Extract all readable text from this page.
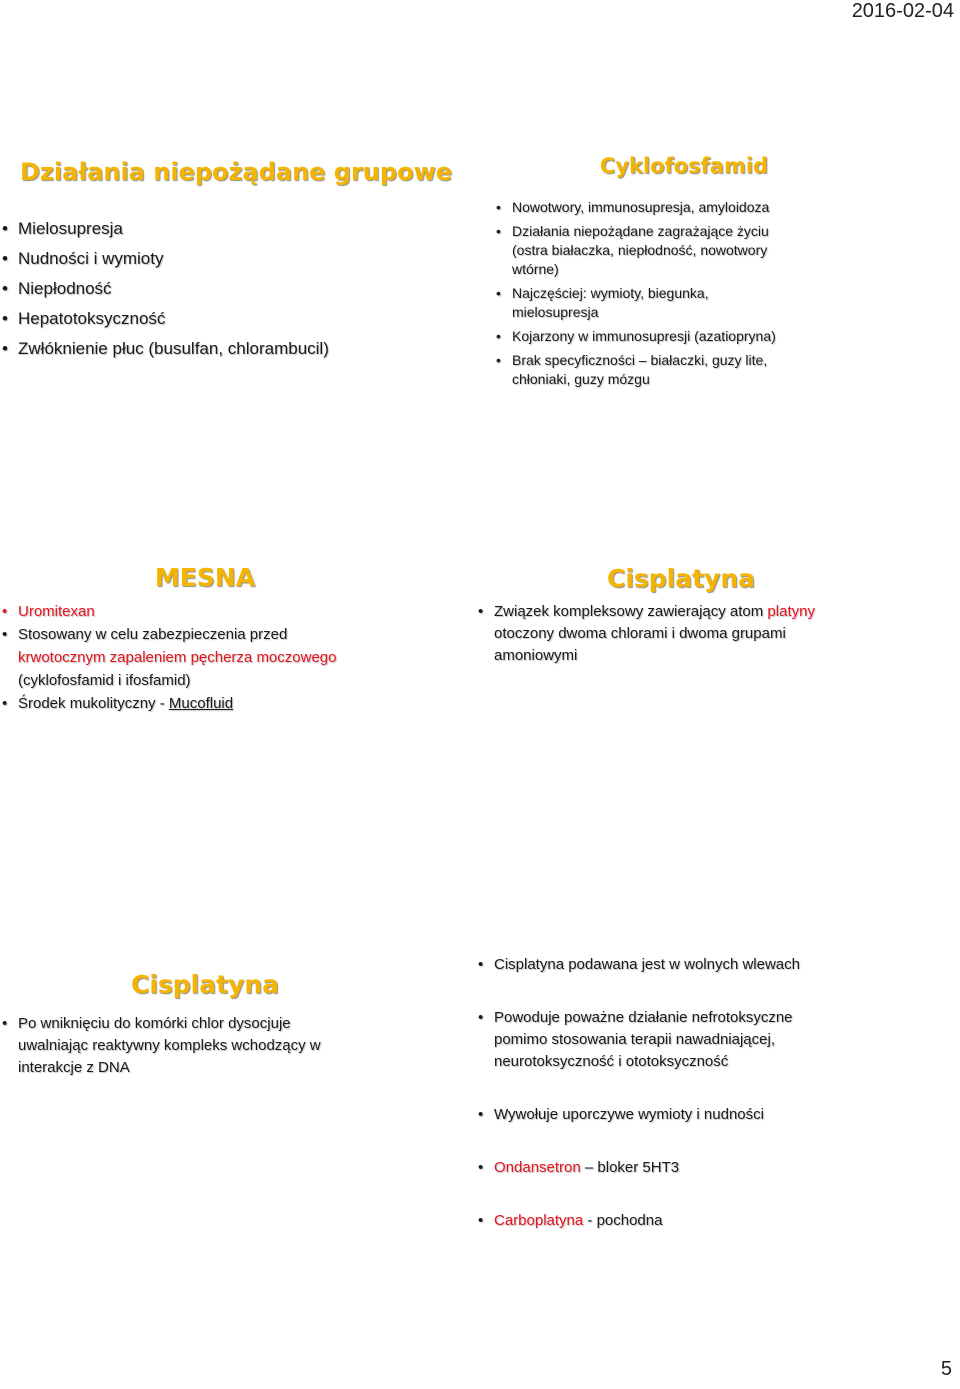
2016-02-04
Działania niepożądane grupowe
• Mielosupresja
• Nudności i wymioty
• Niepłodność
• Hepatotoksyczność
• Zwłóknienie płuc (busulfan, chlorambucil)
Cyklofosfamid
• Nowotwory, immunosupresja, amyloidoza
• Działania niepożądane zagrażające życiu
(ostra białaczka, niepłodność, nowotwory
wtórne)
• Najczęściej: wymioty, biegunka,
mielosupresja
• Kojarzony w immunosupresji (azatiopryna)
• Brak specyficzności – białaczki, guzy lite,
chłoniaki, guzy mózgu
MESNA
• Uromitexan
• Stosowany w celu zabezpieczenia przed
krwotocznym zapaleniem pęcherza moczowego
(cyklofosfamid i ifosfamid)
• Środek mukolityczny - Mucofluid
Cisplatyna
• Związek kompleksowy zawierający atom platyny
otoczony dwoma chlorami i dwoma grupami
amoniowymi
Cisplatyna
• Po wniknięciu do komórki chlor dysocjuje
uwalniając reaktywny kompleks wchodzący w
interakcje z DNA
• Cisplatyna podawana jest w wolnych wlewach
• Powoduje poważne działanie nefrotoksyczne
pomimo stosowania terapii nawadniającej,
neurotoksyczność i ototoksyczność
• Wywołuje uporczywe wymioty i nudności
• Ondansetron – bloker 5HT3
• Carboplatyna - pochodna
5
